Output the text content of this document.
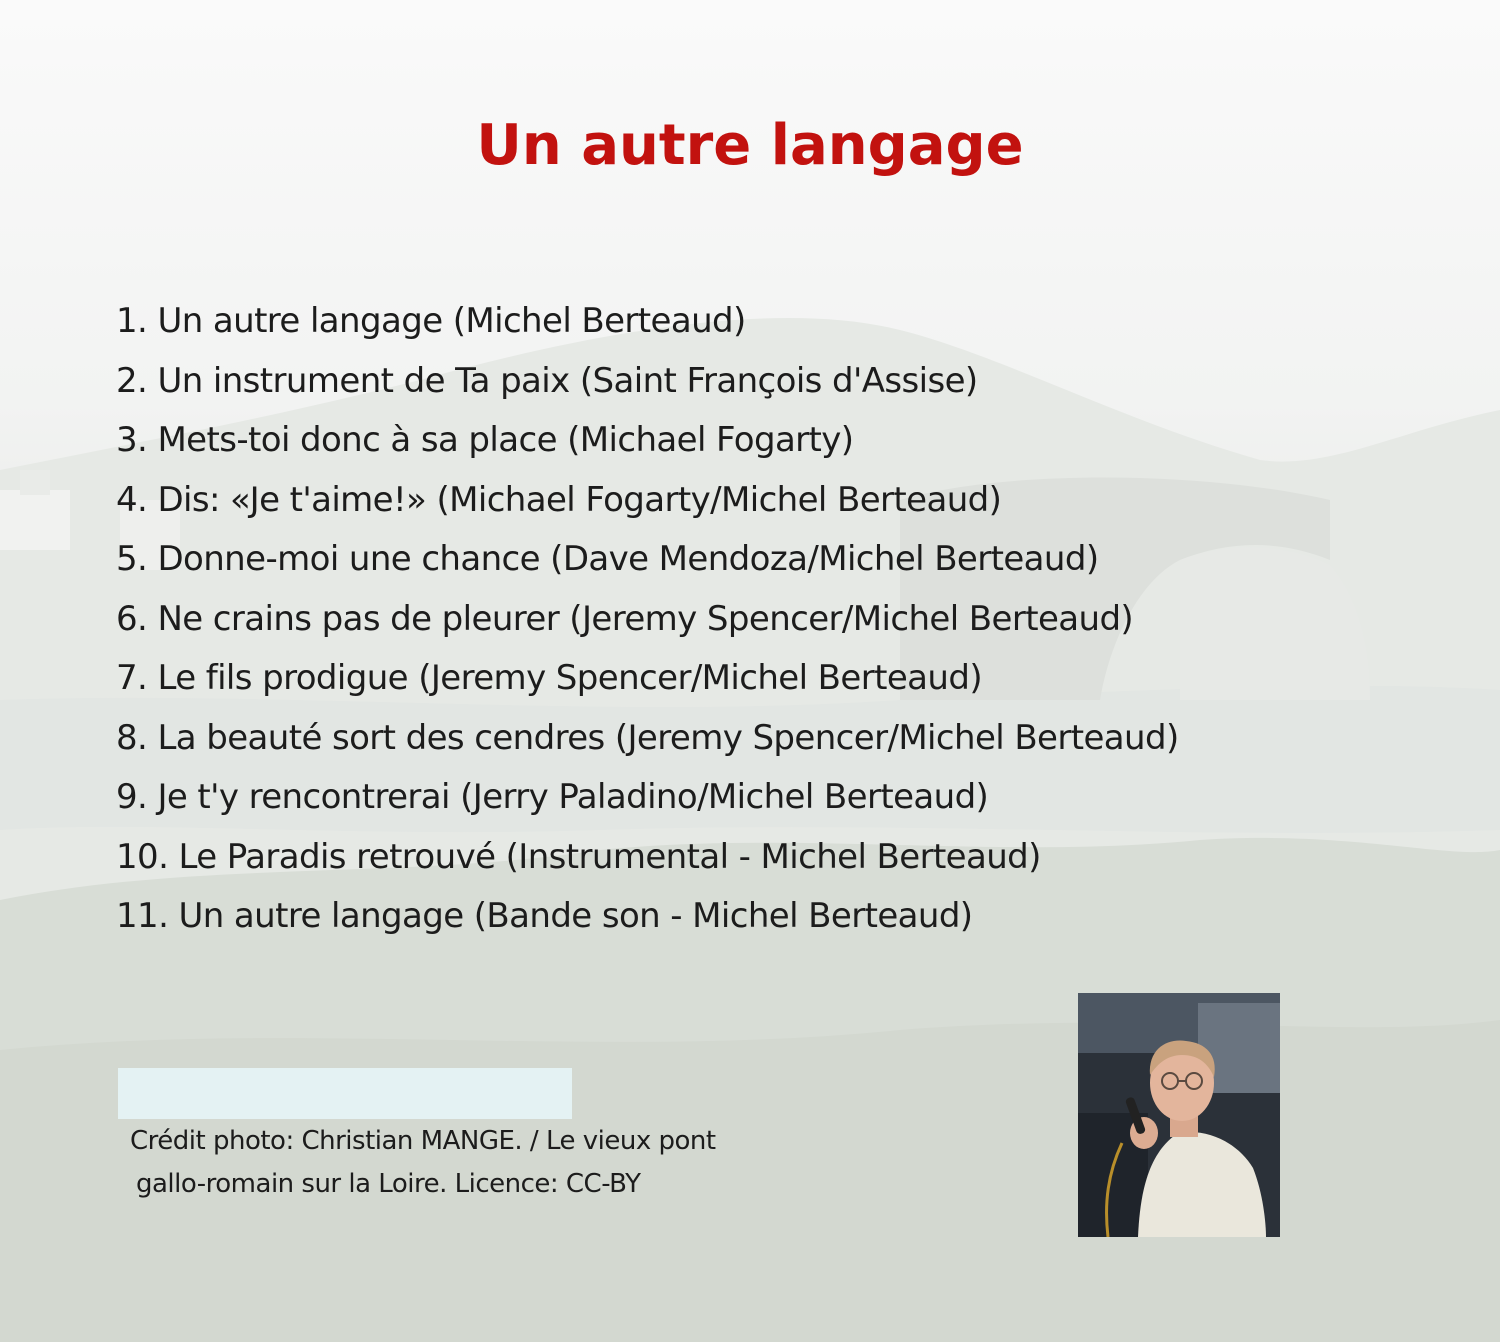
Un autre langage
1. Un autre langage (Michel Berteaud)
2. Un instrument de Ta paix (Saint François d'Assise)
3. Mets-toi donc à sa place (Michael Fogarty)
4. Dis: «Je t'aime!» (Michael Fogarty/Michel Berteaud)
5. Donne-moi une chance (Dave Mendoza/Michel Berteaud)
6. Ne crains pas de pleurer (Jeremy Spencer/Michel Berteaud)
7. Le fils prodigue (Jeremy Spencer/Michel Berteaud)
8. La beauté sort des cendres (Jeremy Spencer/Michel Berteaud)
9. Je t'y rencontrerai (Jerry Paladino/Michel Berteaud)
10. Le Paradis retrouvé (Instrumental - Michel Berteaud)
11. Un autre langage (Bande son - Michel Berteaud)
Crédit photo: Christian MANGE. / Le vieux pont
gallo-romain sur la Loire. Licence: CC-BY
